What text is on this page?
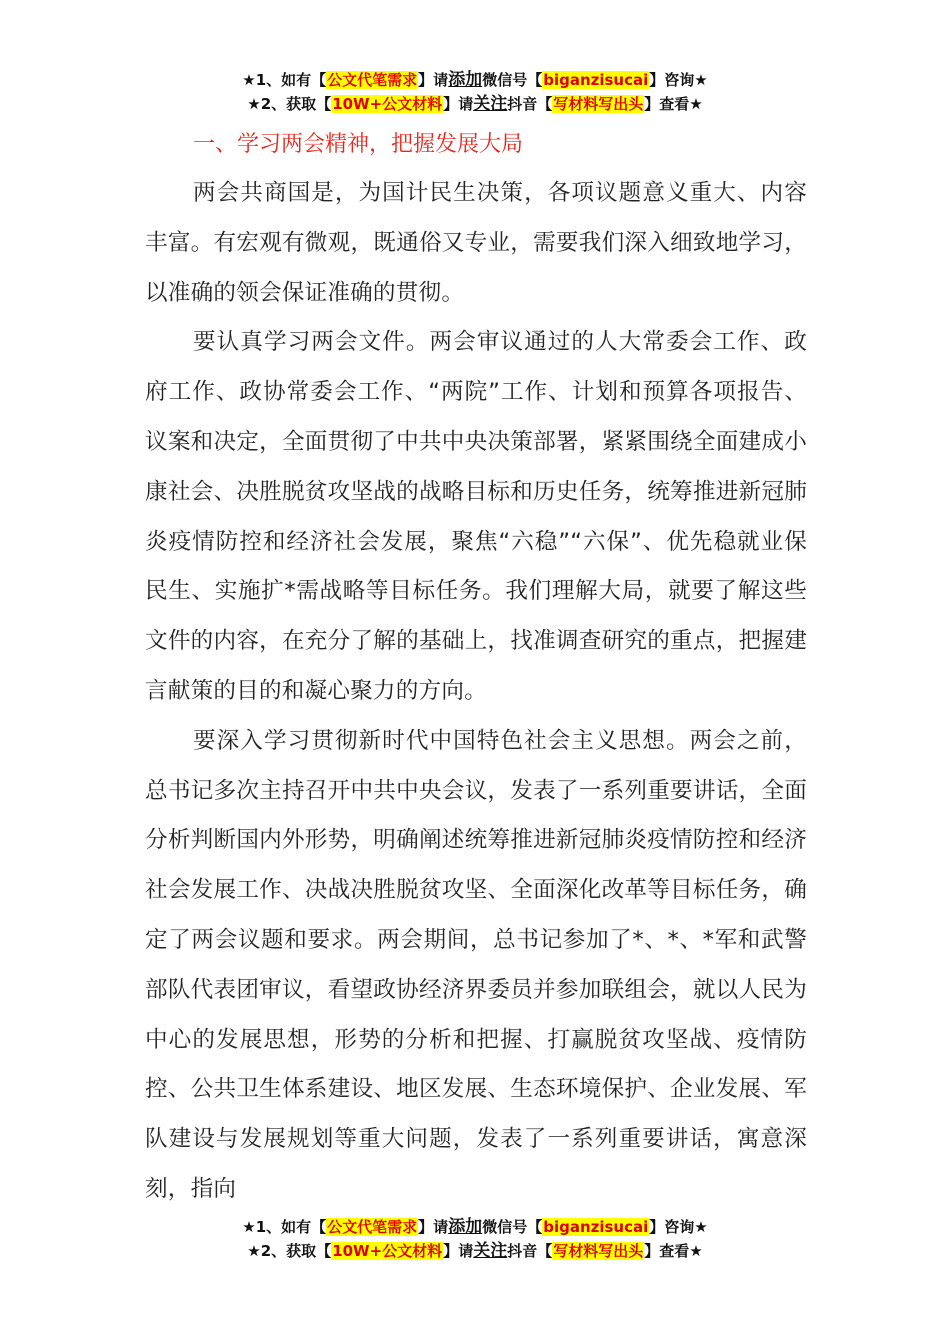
★1、如有【公文代笔需求】请添加微信号【biganzisucai】咨询★
★2、获取【10W+公文材料】请关注抖音【写材料写出头】查看★
一、学习两会精神，把握发展大局

两会共商国是，为国计民生决策，各项议题意义重大、内容丰富。有宏观有微观，既通俗又专业，需要我们深入细致地学习，以准确的领会保证准确的贯彻。

要认真学习两会文件。两会审议通过的人大常委会工作、政府工作、政协常委会工作、“两院”工作、计划和预算各项报告、议案和决定，全面贯彻了中共中央决策部署，紧紧围绕全面建成小康社会、决胜脱贫攻坚战的战略目标和历史任务，统筹推进新冠肺炎疫情防控和经济社会发展，聚焦“六稳”“六保”、优先稳就业保民生、实施扩*需战略等目标任务。我们理解大局，就要了解这些文件的内容，在充分了解的基础上，找准调查研究的重点，把握建言献策的目的和凝心聚力的方向。

要深入学习贯彻新时代中国特色社会主义思想。两会之前，总书记多次主持召开中共中央会议，发表了一系列重要讲话，全面分析判断国内外形势，明确阐述统筹推进新冠肺炎疫情防控和经济社会发展工作、决战决胜脱贫攻坚、全面深化改革等目标任务，确定了两会议题和要求。两会期间，总书记参加了*、*、*军和武警部队代表团审议，看望政协经济界委员并参加联组会，就以人民为中心的发展思想，形势的分析和把握、打赢脱贫攻坚战、疫情防控、公共卫生体系建设、地区发展、生态环境保护、企业发展、军队建设与发展规划等重大问题，发表了一系列重要讲话，寓意深刻，指向

★1、如有【公文代笔需求】请添加微信号【biganzisucai】咨询★
★2、获取【10W+公文材料】请关注抖音【写材料写出头】查看★
